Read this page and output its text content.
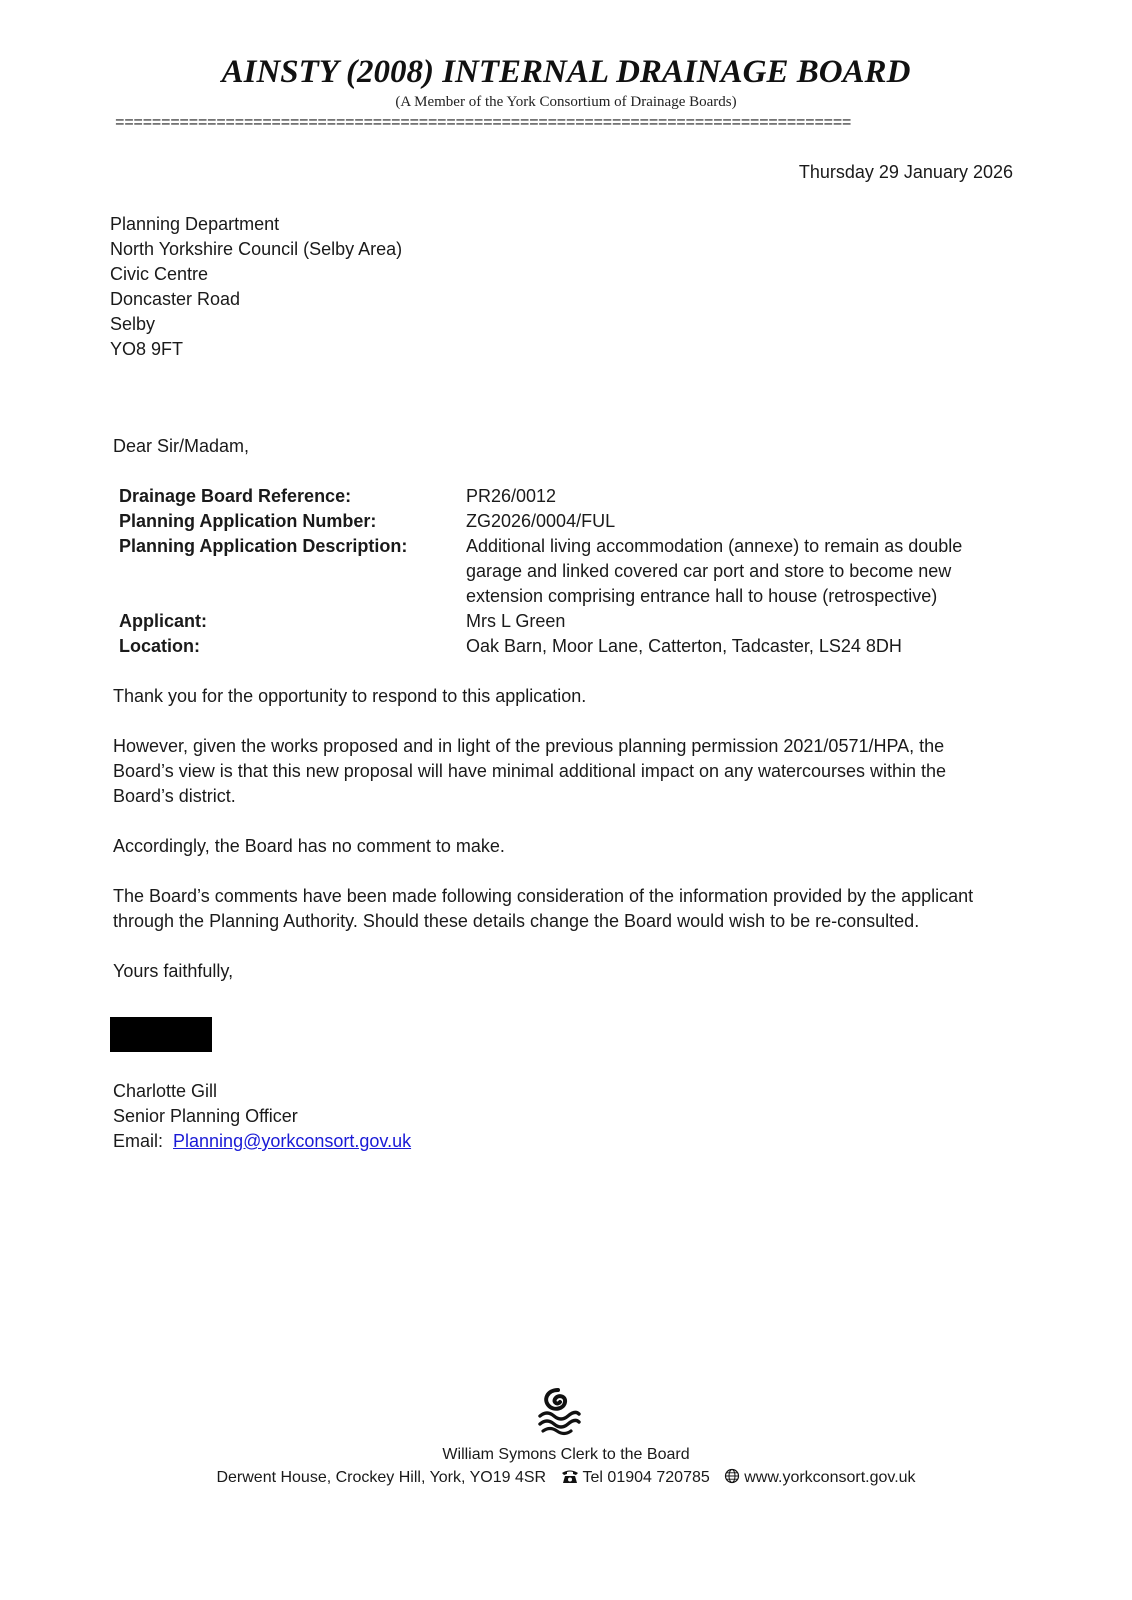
AINSTY (2008) INTERNAL DRAINAGE BOARD
(A Member of the York Consortium of Drainage Boards)
================================================================================
Thursday 29 January 2026
Planning Department
North Yorkshire Council (Selby Area)
Civic Centre
Doncaster Road
Selby
YO8 9FT
Dear Sir/Madam,
Drainage Board Reference:	PR26/0012
Planning Application Number:	ZG2026/0004/FUL
Planning Application Description:	Additional living accommodation (annexe) to remain as double
garage and linked covered car port and store to become new
extension comprising entrance hall to house (retrospective)
Applicant:	Mrs L Green
Location:	Oak Barn, Moor Lane, Catterton, Tadcaster, LS24 8DH
Thank you for the opportunity to respond to this application.
However, given the works proposed and in light of the previous planning permission 2021/0571/HPA, the
Board’s view is that this new proposal will have minimal additional impact on any watercourses within the
Board’s district.
Accordingly, the Board has no comment to make.
The Board’s comments have been made following consideration of the information provided by the applicant
through the Planning Authority. Should these details change the Board would wish to be re-consulted.
Yours faithfully,
Charlotte Gill
Senior Planning Officer
Email: Planning@yorkconsort.gov.uk
William Symons Clerk to the Board
Derwent House, Crockey Hill, York, YO19 4SR Tel 01904 720785 www.yorkconsort.gov.uk
